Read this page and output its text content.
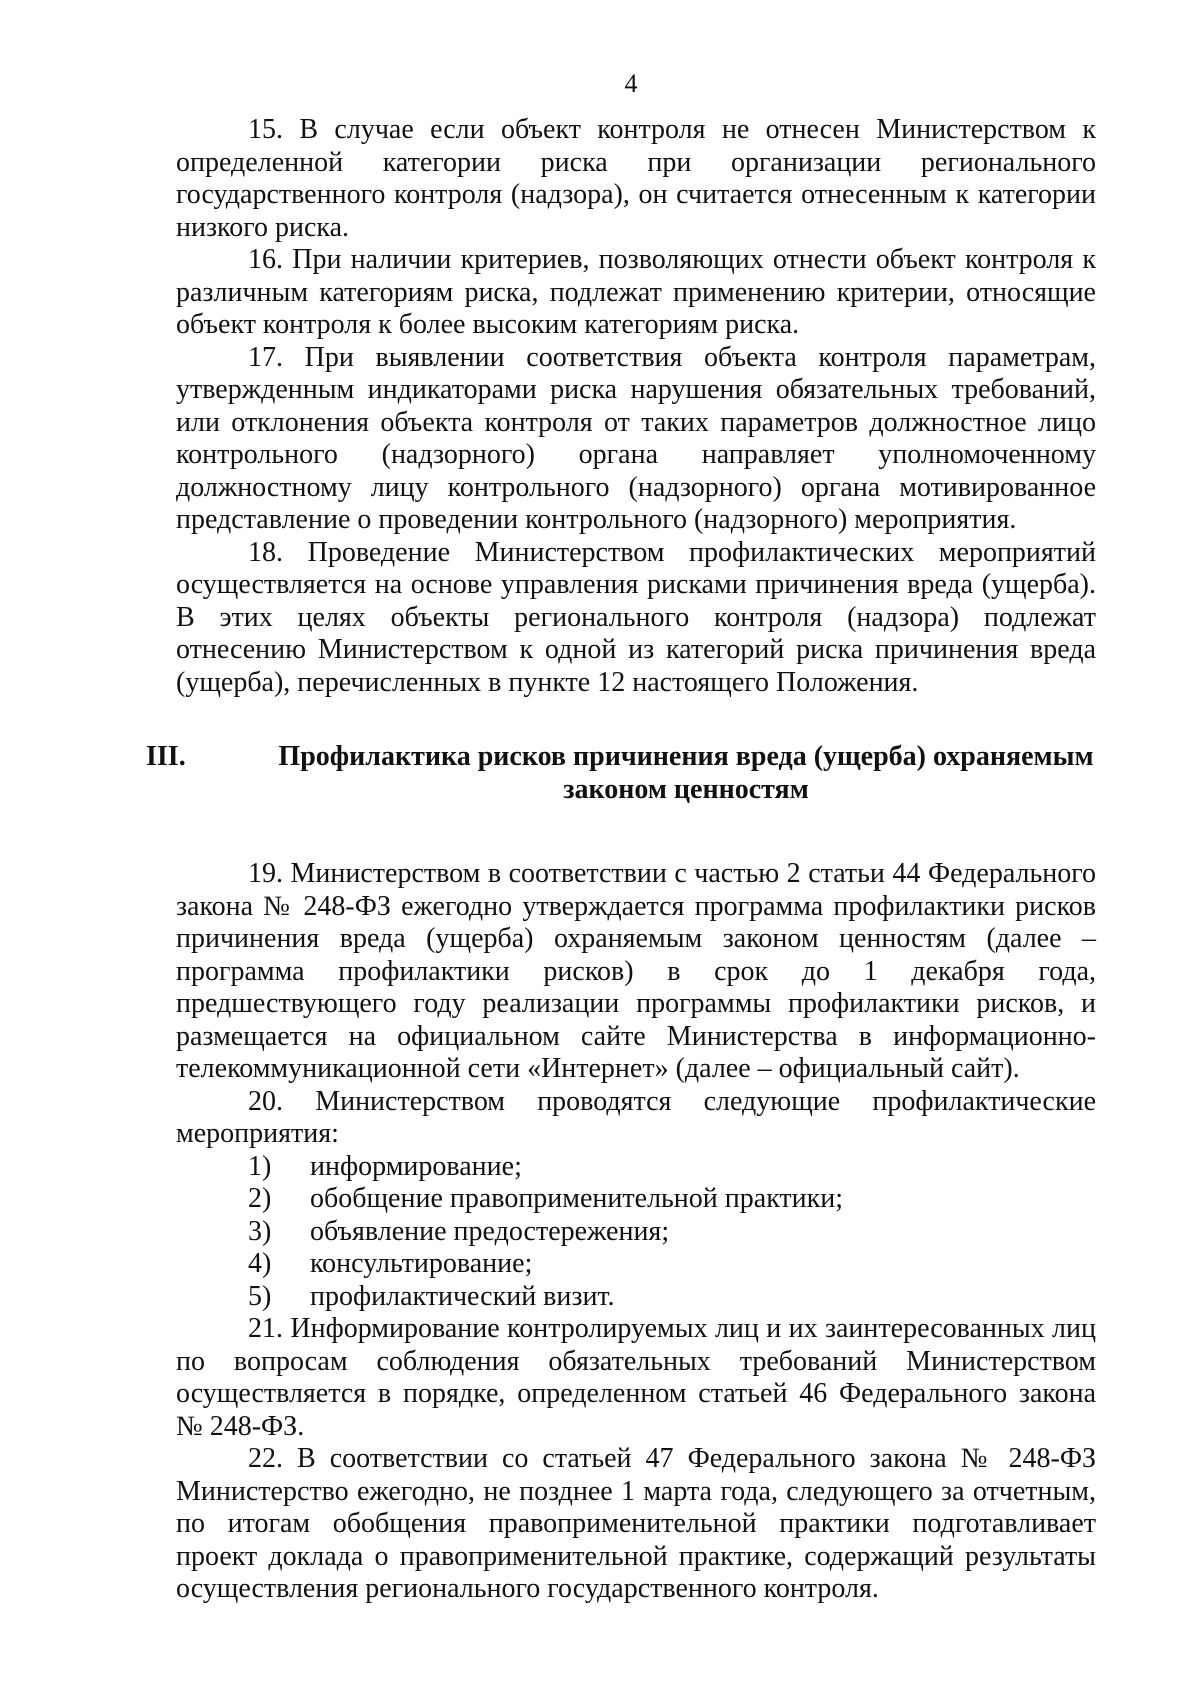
4

15. В случае если объект контроля не отнесен Министерством к определенной категории риска при организации регионального государственного контроля (надзора), он считается отнесенным к категории низкого риска.

16. При наличии критериев, позволяющих отнести объект контроля к различным категориям риска, подлежат применению критерии, относящие объект контроля к более высоким категориям риска.

17. При выявлении соответствия объекта контроля параметрам, утвержденным индикаторами риска нарушения обязательных требований, или отклонения объекта контроля от таких параметров должностное лицо контрольного (надзорного) органа направляет уполномоченному должностному лицу контрольного (надзорного) органа мотивированное представление о проведении контрольного (надзорного) мероприятия.

18. Проведение Министерством профилактических мероприятий осуществляется на основе управления рисками причинения вреда (ущерба). В этих целях объекты регионального контроля (надзора) подлежат отнесению Министерством к одной из категорий риска причинения вреда (ущерба), перечисленных в пункте 12 настоящего Положения.

III.	Профилактика рисков причинения вреда (ущерба) охраняемым законом ценностям

19. Министерством в соответствии с частью 2 статьи 44 Федерального закона № 248-ФЗ ежегодно утверждается программа профилактики рисков причинения вреда (ущерба) охраняемым законом ценностям (далее – программа профилактики рисков) в срок до 1 декабря года, предшествующего году реализации программы профилактики рисков, и размещается на официальном сайте Министерства в информационно-телекоммуникационной сети «Интернет» (далее – официальный сайт).

20. Министерством проводятся следующие профилактические мероприятия:

1) информирование;
2) обобщение правоприменительной практики;
3) объявление предостережения;
4) консультирование;
5) профилактический визит.

21. Информирование контролируемых лиц и их заинтересованных лиц по вопросам соблюдения обязательных требований Министерством осуществляется в порядке, определенном статьей 46 Федерального закона № 248-ФЗ.

22. В соответствии со статьей 47 Федерального закона № 248-ФЗ Министерство ежегодно, не позднее 1 марта года, следующего за отчетным, по итогам обобщения правоприменительной практики подготавливает проект доклада о правоприменительной практике, содержащий результаты осуществления регионального государственного контроля.
